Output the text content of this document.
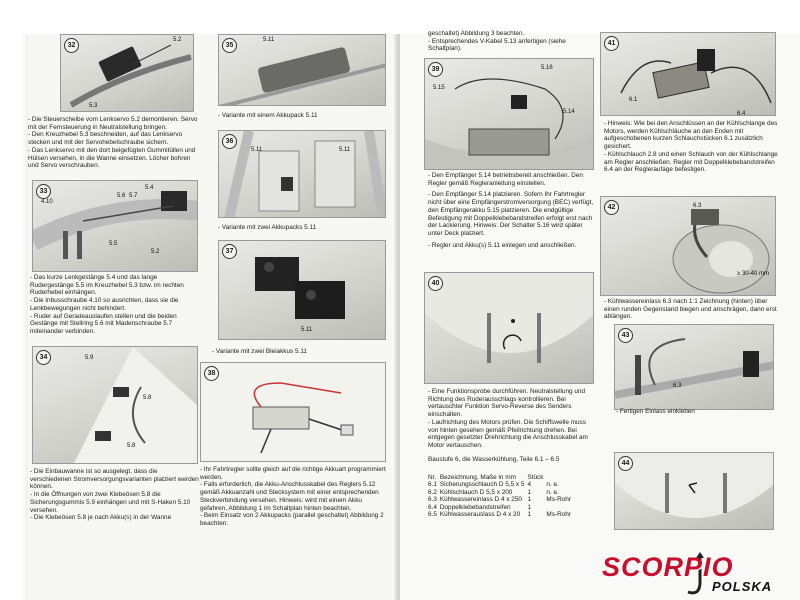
32
5.2
5.3

- Die Steuerscheibe vom Lenkservo 5.2 demontieren. Servo mit der Fernsteuerung in Neutralstellung bringen.
- Den Kreuzhebel 5.3 beschneiden, auf das Lenkservo stecken und mit der Servohebelschraube sichern.
- Das Lenkservo mit den dort beigefügten Gummitüllen und Hülsen versehen, in die Wanne einsetzen. Löcher bohren und Servo verschrauben.

33	5.4
4.10
5.6 5.7
5.5
5.2

- Das kurze Lenkgestänge 5.4 und das lange Rudergestänge 5.5 im Kreuzhebel 5.3 bzw. im rechten Ruderhebel einhängen.
- Die Inbusschraube 4.10 so ausrichten, dass sie die Lenkbewegungen nicht behindert.
- Ruder auf Geradeauslaufen stellen und die beiden Gestänge mit Stellring 5.6 mit Madenschraube 5.7 miteinander verbinden.

34	5.9
5.8
5.8

- Die Einbauwanne ist so ausgelegt, dass die verschiedenen Stromversorgungsvarianten platziert werden können.
- In die Öffnungen von zwei Klebeösen 5.8 die Sicherungsgummis 5.9 einhängen und mit S-Haken 5.10 versehen.
- Die Klebeösen 5.8 je nach Akku(s) in der Wanne

35
5.11

- Variante mit einem Akkupack 5.11

36
5.11	5.11

- Variante mit zwei Akkupacks 5.11

37
5.11

- Variante mit zwei Bleiakkus 5.11

38

- Ihr Fahrtregler sollte gleich auf die richtige Akkuart programmiert werden.
- Falls erforderlich, die Akku-Anschlusskabel des Reglers 5.12 gemäß Akkuanzahl und Stecksystem mit einer entsprechenden Steckverbindung versehen. Hinweis: wird mit einem Akku gefahren, Abbildung 1 im Schaltplan hinten beachten.
- Beim Einsatz von 2 Akkupacks (parallel geschaltet) Abbildung 2 beachten.

geschaltet) Abbildung 3 beachten.
- Entsprechendes V-Kabel 5.13 anfertigen (siehe Schaltplan).

39	5.16
5.15
5.14

- Den Empfänger 5.14 betriebsbereit anschließen. Den Regler gemäß Regleranleitung einstellen.

- Den Empfänger 5.14 platzieren. Sofern Ihr Fahrtregler nicht über eine Empfängerstromversorgung (BEC) verfügt, den Empfängerakku 5.15 platzieren. Die endgültige Befestigung mit Doppelklebebandstreifen erfolgt erst nach der Lackierung. Hinweis: Der Schalter 5.16 wird später unter Deck platziert.

- Regler und Akku(s) 5.11 einlegen und anschließen.

40

- Eine Funktionsprobe durchführen. Neutralstellung und Richtung des Ruderausschlags kontrollieren. Bei vertauschter Funktion Servo-Reverse des Senders einschalten.
- Laufrichtung des Motors prüfen. Die Schiffswelle muss von hinten gesehen gemäß Pfeilrichtung drehen. Bei entgegen gesetzter Drehrichtung die Anschlusskabel am Motor vertauschen.

Baustufe 6, die Wasserkühlung, Teile 6.1 – 6.5

Nr.	Bezeichnung, Maße in mm	Stück	
6.1	Sicherungsschlauch D 5,5 x 5	4	n. e.
6.2	Kühlschlauch D 5,5 x 200	1	n. e.
6.3	Kühlwassereinlass D 4 x 250	1	Ms-Rohr
6.4	Doppelklebebandstreifen	1	
6.5	Kühlwasserauslass D 4 x 20	1	Ms-Rohr
41
6.1
6.4

- Hinweis: Wie bei den Anschlüssen an der Kühlschlange des Motors, werden Kühlschläuche an den Enden mit aufgeschobenen kurzen Schlauchstücken 6.1 zusätzlich gesichert.
- Kühlschlauch 2.8 und einen Schlauch von der Kühlschlange am Regler anschließen. Regler mit Doppelklebebandstreifen 6.4 an der Regleraufage befestigen.

42	6.3
≥ 30-40 mm

- Kühlwassereinlass 6.3 nach 1:1 Zeichnung (hinten) über einen runden Gegenstand biegen und anschrägen, dann erst ablängen.

43
6.3

- Fertigen Einlass einkleben

44
SCORPIO
POLSKA
